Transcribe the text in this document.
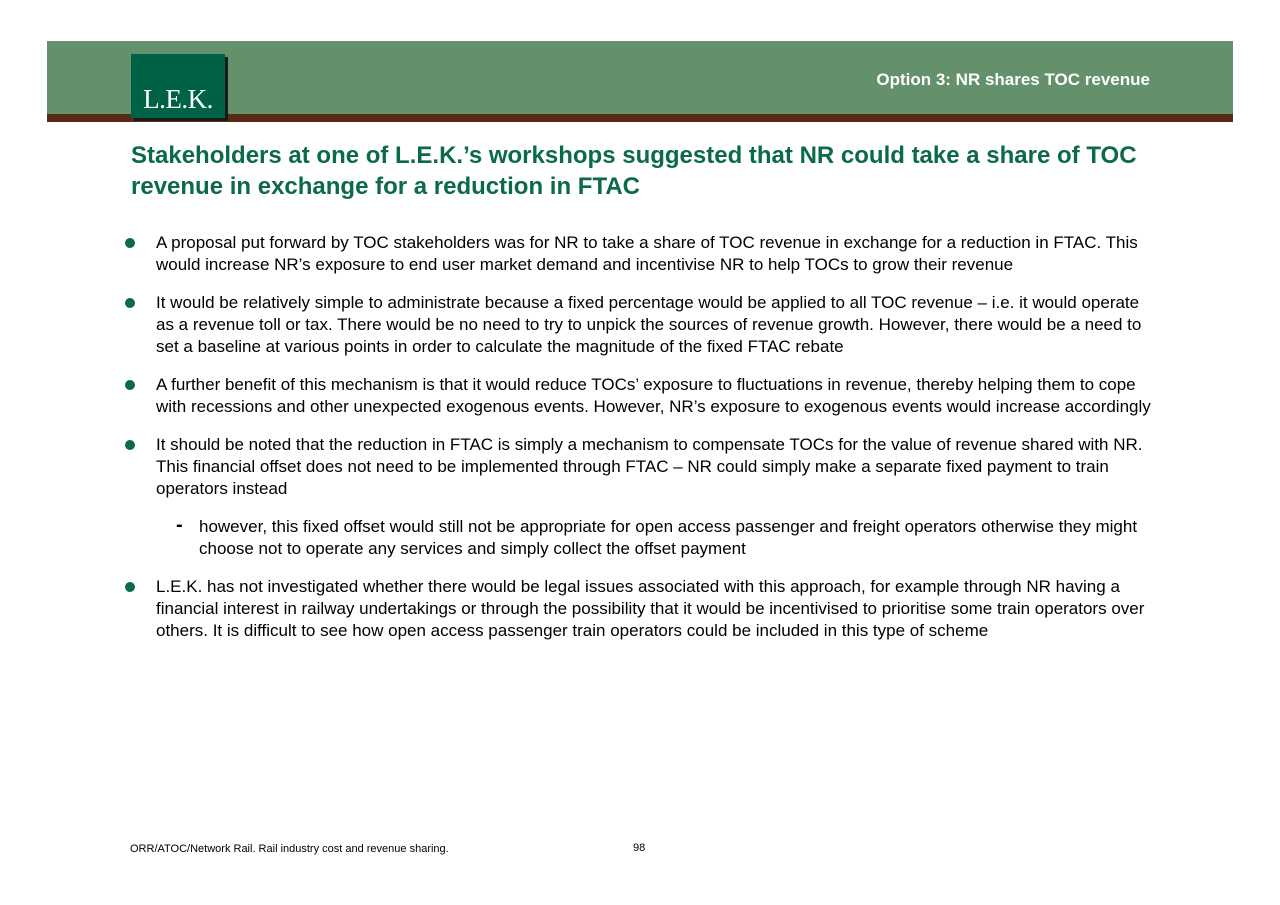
L.E.K.
Option 3: NR shares TOC revenue
Stakeholders at one of L.E.K.’s workshops suggested that NR could take a share of TOC revenue in exchange for a reduction in FTAC
A proposal put forward by TOC stakeholders was for NR to take a share of TOC revenue in exchange for a reduction in FTAC. This would increase NR’s exposure to end user market demand and incentivise NR to help TOCs to grow their revenue
It would be relatively simple to administrate because a fixed percentage would be applied to all TOC revenue – i.e. it would operate as a revenue toll or tax. There would be no need to try to unpick the sources of revenue growth. However, there would be a need to set a baseline at various points in order to calculate the magnitude of the fixed FTAC rebate
A further benefit of this mechanism is that it would reduce TOCs’ exposure to fluctuations in revenue, thereby helping them to cope with recessions and other unexpected exogenous events. However, NR’s exposure to exogenous events would increase accordingly
It should be noted that the reduction in FTAC is simply a mechanism to compensate TOCs for the value of revenue shared with NR. This financial offset does not need to be implemented through FTAC – NR could simply make a separate fixed payment to train operators instead
- however, this fixed offset would still not be appropriate for open access passenger and freight operators otherwise they might choose not to operate any services and simply collect the offset payment
L.E.K. has not investigated whether there would be legal issues associated with this approach, for example through NR having a financial interest in railway undertakings or through the possibility that it would be incentivised to prioritise some train operators over others. It is difficult to see how open access passenger train operators could be included in this type of scheme
ORR/ATOC/Network Rail. Rail industry cost and revenue sharing.	98
